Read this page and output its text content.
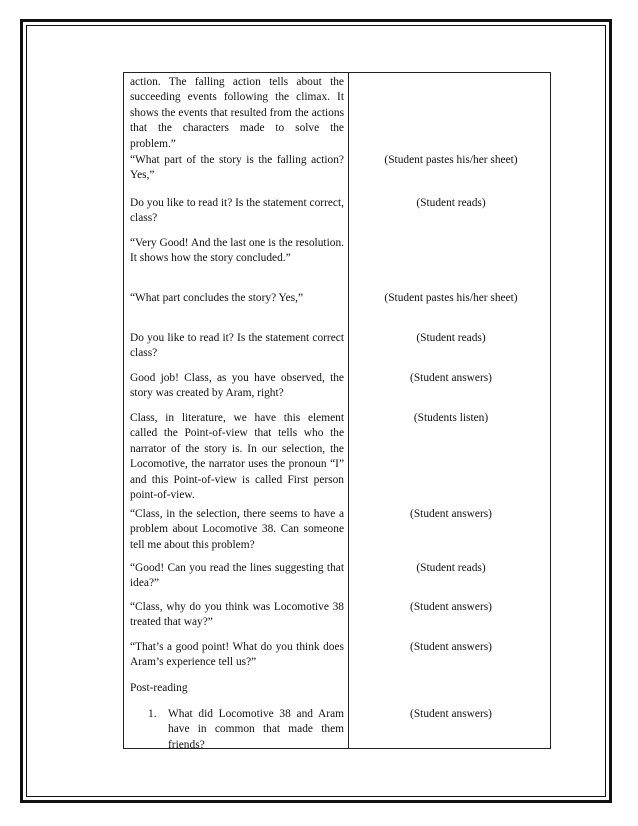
action. The falling action tells about the succeeding events following the climax. It shows the events that resulted from the actions that the characters made to solve the problem.”
“What part of the story is the falling action? Yes,”
Do you like to read it? Is the statement correct, class?
“Very Good! And the last one is the resolution. It shows how the story concluded.”
“What part concludes the story? Yes,”
Do you like to read it? Is the statement correct class?
Good job! Class, as you have observed, the story was created by Aram, right?
Class, in literature, we have this element called the Point-of-view that tells who the narrator of the story is. In our selection, the Locomotive, the narrator uses the pronoun “I” and this Point-of-view is called First person point-of-view.
“Class, in the selection, there seems to have a problem about Locomotive 38. Can someone tell me about this problem?
“Good! Can you read the lines suggesting that idea?”
“Class, why do you think was Locomotive 38 treated that way?”
“That’s a good point! What do you think does Aram’s experience tell us?”
Post-reading
1.	What did Locomotive 38 and Aram have in common that made them friends?
(Student pastes his/her sheet)
(Student reads)
(Student pastes his/her sheet)
(Student reads)
(Student answers)
(Students listen)
(Student answers)
(Student reads)
(Student answers)
(Student answers)
(Student answers)
